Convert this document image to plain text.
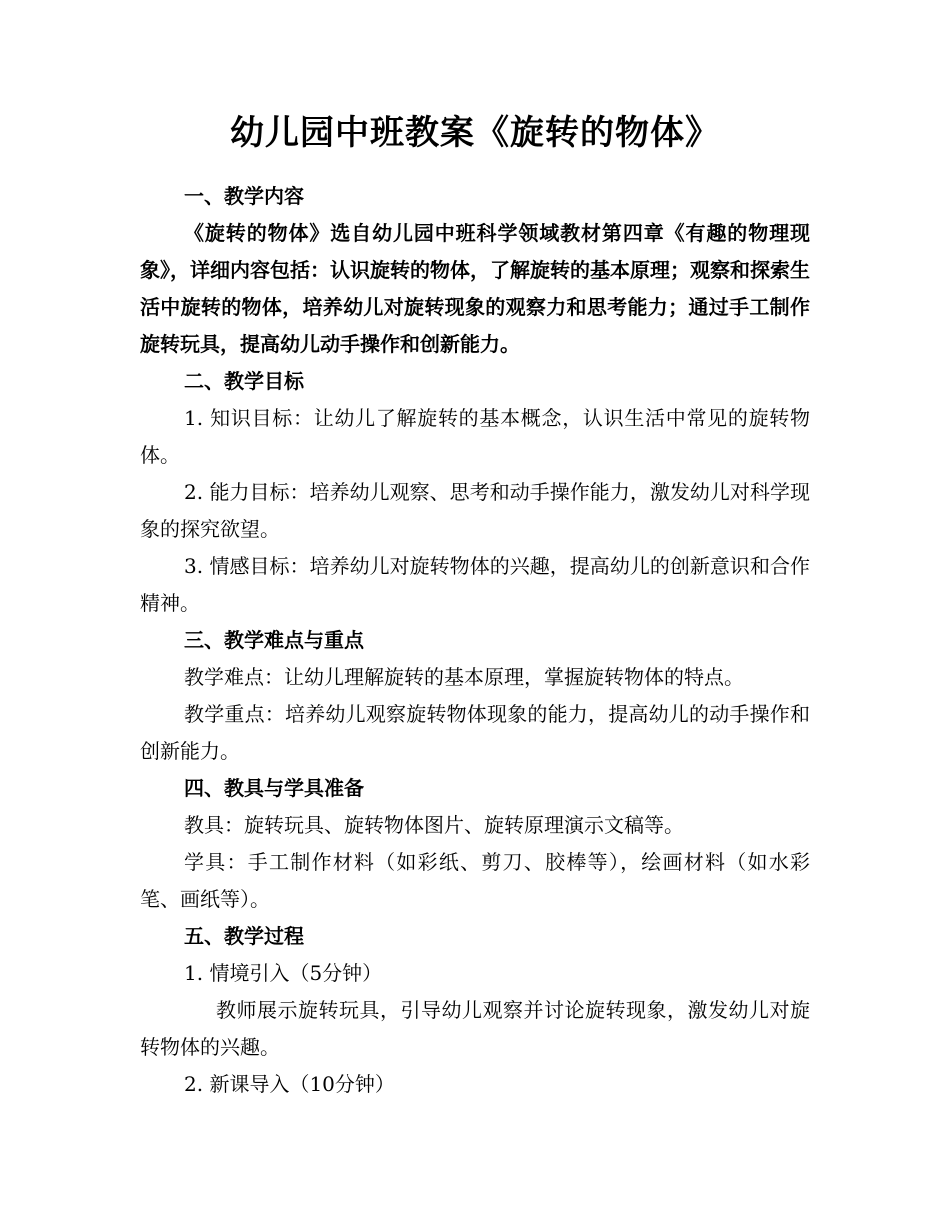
幼儿园中班教案《旋转的物体》
一、教学内容

《旋转的物体》选自幼儿园中班科学领域教材第四章《有趣的物理现象》，详细内容包括：认识旋转的物体，了解旋转的基本原理；观察和探索生活中旋转的物体，培养幼儿对旋转现象的观察力和思考能力；通过手工制作旋转玩具，提高幼儿动手操作和创新能力。

二、教学目标

1. 知识目标：让幼儿了解旋转的基本概念，认识生活中常见的旋转物体。

2. 能力目标：培养幼儿观察、思考和动手操作能力，激发幼儿对科学现象的探究欲望。

3. 情感目标：培养幼儿对旋转物体的兴趣，提高幼儿的创新意识和合作精神。

三、教学难点与重点

教学难点：让幼儿理解旋转的基本原理，掌握旋转物体的特点。

教学重点：培养幼儿观察旋转物体现象的能力，提高幼儿的动手操作和创新能力。

四、教具与学具准备

教具：旋转玩具、旋转物体图片、旋转原理演示文稿等。

学具：手工制作材料（如彩纸、剪刀、胶棒等），绘画材料（如水彩笔、画纸等）。

五、教学过程

1. 情境引入（5分钟）

教师展示旋转玩具，引导幼儿观察并讨论旋转现象，激发幼儿对旋转物体的兴趣。

2. 新课导入（10分钟）
